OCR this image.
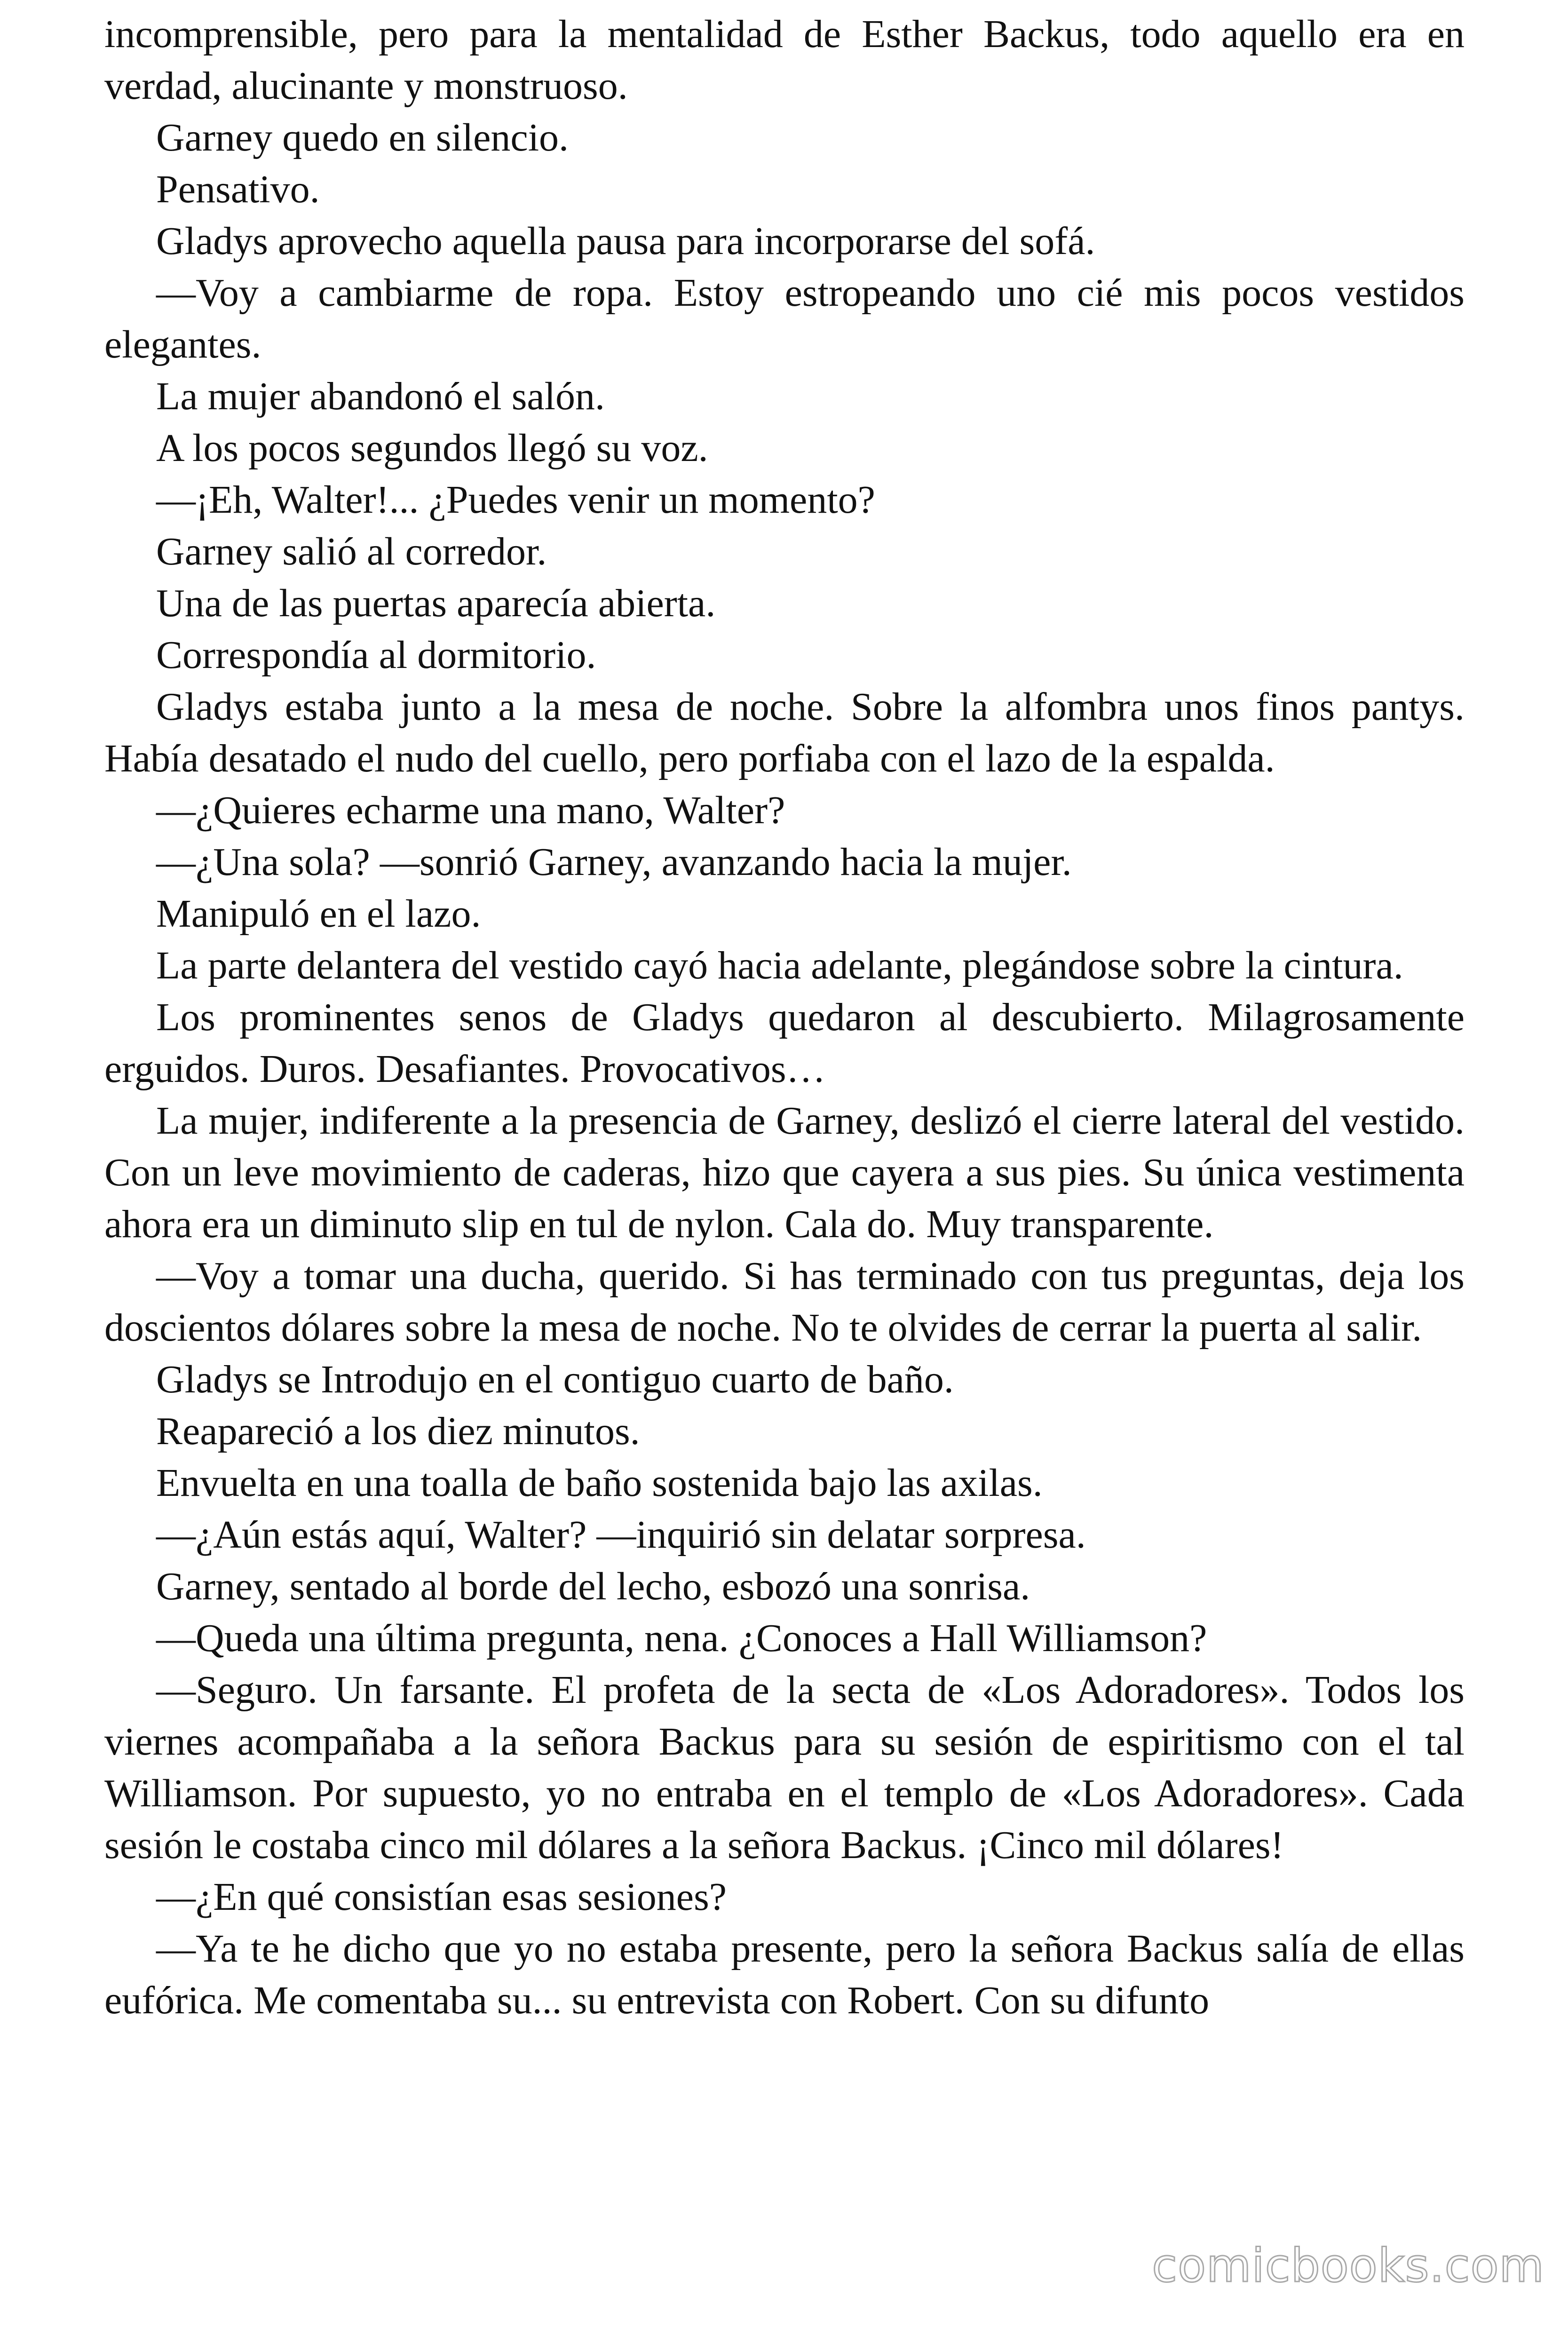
incomprensible, pero para la mentalidad de Esther Backus, todo aquello era en verdad, alucinante y monstruoso.

Garney quedo en silencio.

Pensativo.

Gladys aprovecho aquella pausa para incorporarse del sofá.

—Voy a cambiarme de ropa. Estoy estropeando uno cié mis pocos vestidos elegantes.

La mujer abandonó el salón.

A los pocos segundos llegó su voz.

—¡Eh, Walter!... ¿Puedes venir un momento?

Garney salió al corredor.

Una de las puertas aparecía abierta.

Correspondía al dormitorio.

Gladys estaba junto a la mesa de noche. Sobre la alfombra unos finos pantys. Había desatado el nudo del cuello, pero porfiaba con el lazo de la espalda.

—¿Quieres echarme una mano, Walter?

—¿Una sola? —sonrió Garney, avanzando hacia la mujer.

Manipuló en el lazo.

La parte delantera del vestido cayó hacia adelante, plegándose sobre la cintura.

Los prominentes senos de Gladys quedaron al descubierto. Milagrosamente erguidos. Duros. Desafiantes. Provocativos…

La mujer, indiferente a la presencia de Garney, deslizó el cierre lateral del vestido. Con un leve movimiento de caderas, hizo que cayera a sus pies. Su única vestimenta ahora era un diminuto slip en tul de nylon. Cala do. Muy transparente.

—Voy a tomar una ducha, querido. Si has terminado con tus preguntas, deja los doscientos dólares sobre la mesa de noche. No te olvides de cerrar la puerta al salir.

Gladys se Introdujo en el contiguo cuarto de baño.

Reapareció a los diez minutos.

Envuelta en una toalla de baño sostenida bajo las axilas.

—¿Aún estás aquí, Walter? —inquirió sin delatar sorpresa.

Garney, sentado al borde del lecho, esbozó una sonrisa.

—Queda una última pregunta, nena. ¿Conoces a Hall Williamson?

—Seguro. Un farsante. El profeta de la secta de «Los Adoradores». Todos los viernes acompañaba a la señora Backus para su sesión de espiritismo con el tal Williamson. Por supuesto, yo no entraba en el templo de «Los Adoradores». Cada sesión le costaba cinco mil dólares a la señora Backus. ¡Cinco mil dólares!

—¿En qué consistían esas sesiones?

—Ya te he dicho que yo no estaba presente, pero la señora Backus salía de ellas eufórica. Me comentaba su... su entrevista con Robert. Con su difunto

comicbooks.com
